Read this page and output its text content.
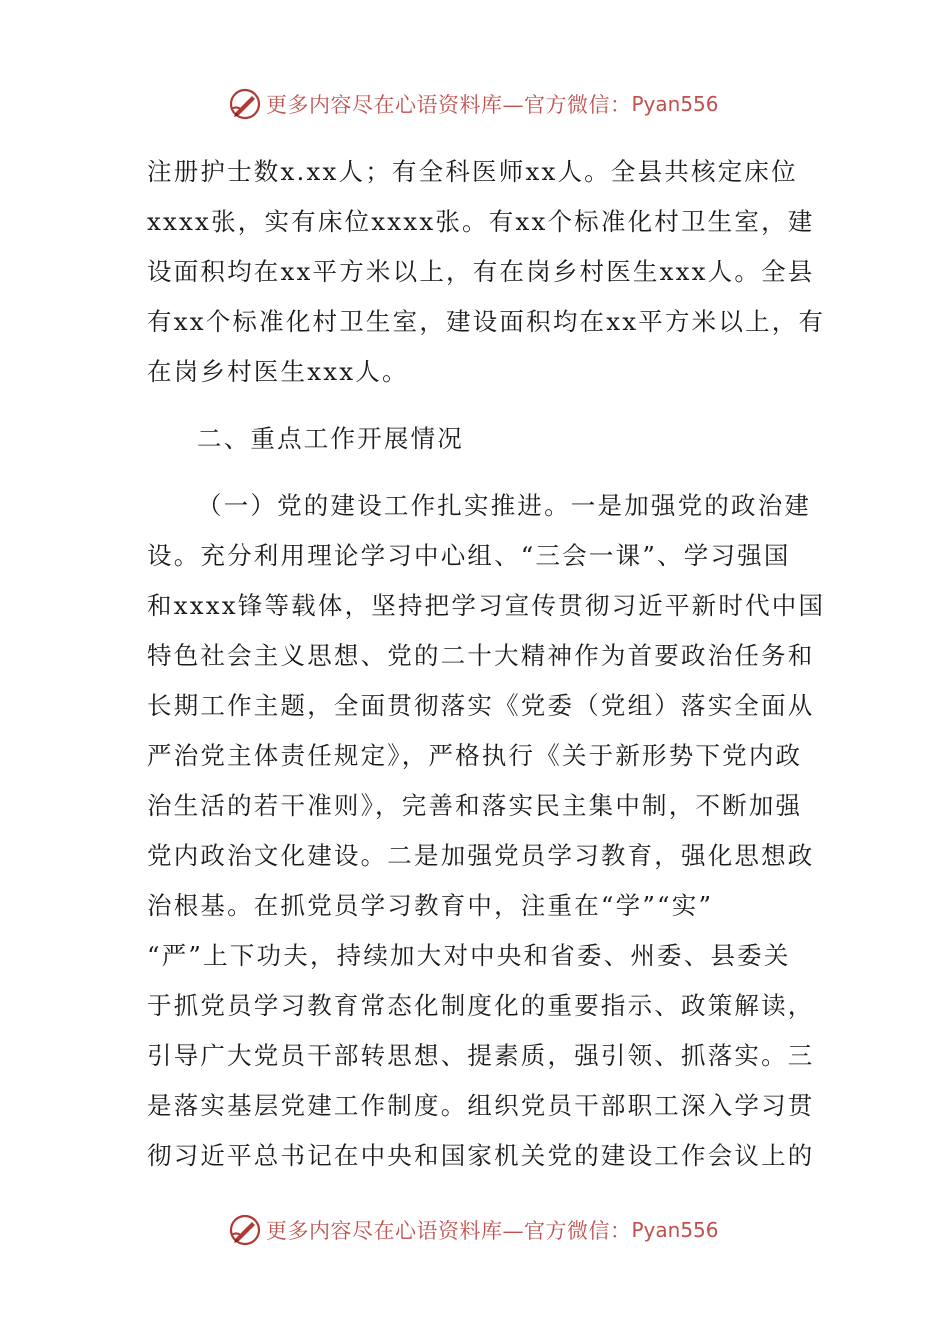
更多内容尽在心语资料库—官方微信： Pyan556
注册护士数x.xx人；有全科医师xx人。全县共核定床位
xxxx张，实有床位xxxx张。有xx个标准化村卫生室，建
设面积均在xx平方米以上，有在岗乡村医生xxx人。全县
有xx个标准化村卫生室，建设面积均在xx平方米以上，有
在岗乡村医生xxx人。
二、重点工作开展情况
（一）党的建设工作扎实推进。一是加强党的政治建
设。充分利用理论学习中心组、“三会一课”、学习强国
和xxxx锋等载体，坚持把学习宣传贯彻习近平新时代中国
特色社会主义思想、党的二十大精神作为首要政治任务和
长期工作主题，全面贯彻落实《党委（党组）落实全面从
严治党主体责任规定》，严格执行《关于新形势下党内政
治生活的若干准则》，完善和落实民主集中制，不断加强
党内政治文化建设。二是加强党员学习教育，强化思想政
治根基。在抓党员学习教育中，注重在“学”“实”
“严”上下功夫，持续加大对中央和省委、州委、县委关
于抓党员学习教育常态化制度化的重要指示、政策解读，
引导广大党员干部转思想、提素质，强引领、抓落实。三
是落实基层党建工作制度。组织党员干部职工深入学习贯
彻习近平总书记在中央和国家机关党的建设工作会议上的
更多内容尽在心语资料库—官方微信： Pyan556
